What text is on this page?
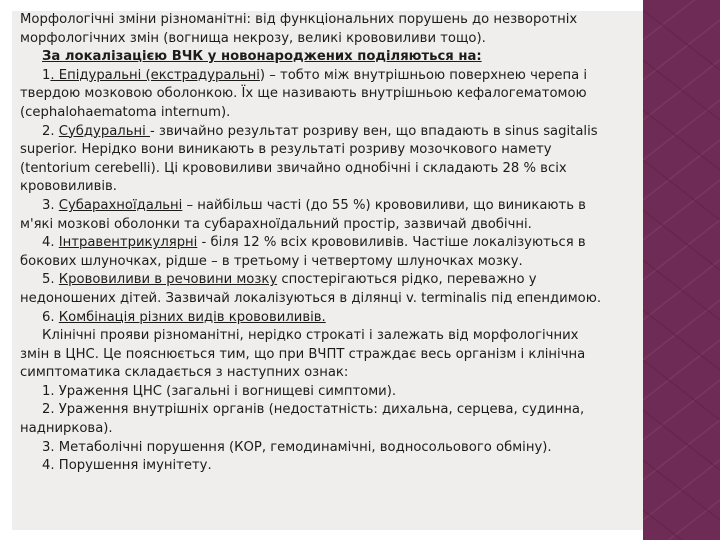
Морфологічні зміни різноманітні: від функціональних порушень до незворотніх
морфологічних змін (вогнища некрозу, великі крововиливи тощо).
За локалізацією ВЧК у новонароджених поділяються на:
1. Епідуральні (екстрадуральні) – тобто між внутрішньою поверхнею черепа і
твердою мозковою оболонкою. Їх ще називають внутрішньою кефалогематомою
(cephalohaematoma internum).
2. Субдуральні - звичайно результат розриву вен, що впадають в sinus sagitalis
superior. Нерідко вони виникають в результаті розриву мозочкового намету
(tentorium cerebelli). Ці крововиливи звичайно однобічні і складають 28 % всіх
крововиливів.
3. Субарахноїдальні – найбільш часті (до 55 %) крововиливи, що виникають в
м'які мозкові оболонки та субарахноїдальний простір, зазвичай двобічні.
4. Інтравентрикулярні - біля 12 % всіх крововиливів. Частіше локалізуються в
бокових шлуночках, рідше – в третьому і четвертому шлуночках мозку.
5. Крововиливи в речовини мозку спостерігаються рідко, переважно у
недоношених дітей. Зазвичай локалізуються в ділянці v. terminalis під епендимою.
6. Комбінація різних видів крововиливів.
Клінічні прояви різноманітні, нерідко строкаті і залежать від морфологічних
змін в ЦНС. Це пояснюється тим, що при ВЧПТ страждає весь організм і клінічна
симптоматика складається з наступних ознак:
1. Ураження ЦНС (загальні і вогнищеві симптоми).
2. Ураження внутрішніх органів (недостатність: дихальна, серцева, судинна,
надниркова).
3. Метаболічні порушення (КОР, гемодинамічні, водносольового обміну).
4. Порушення імунітету.
